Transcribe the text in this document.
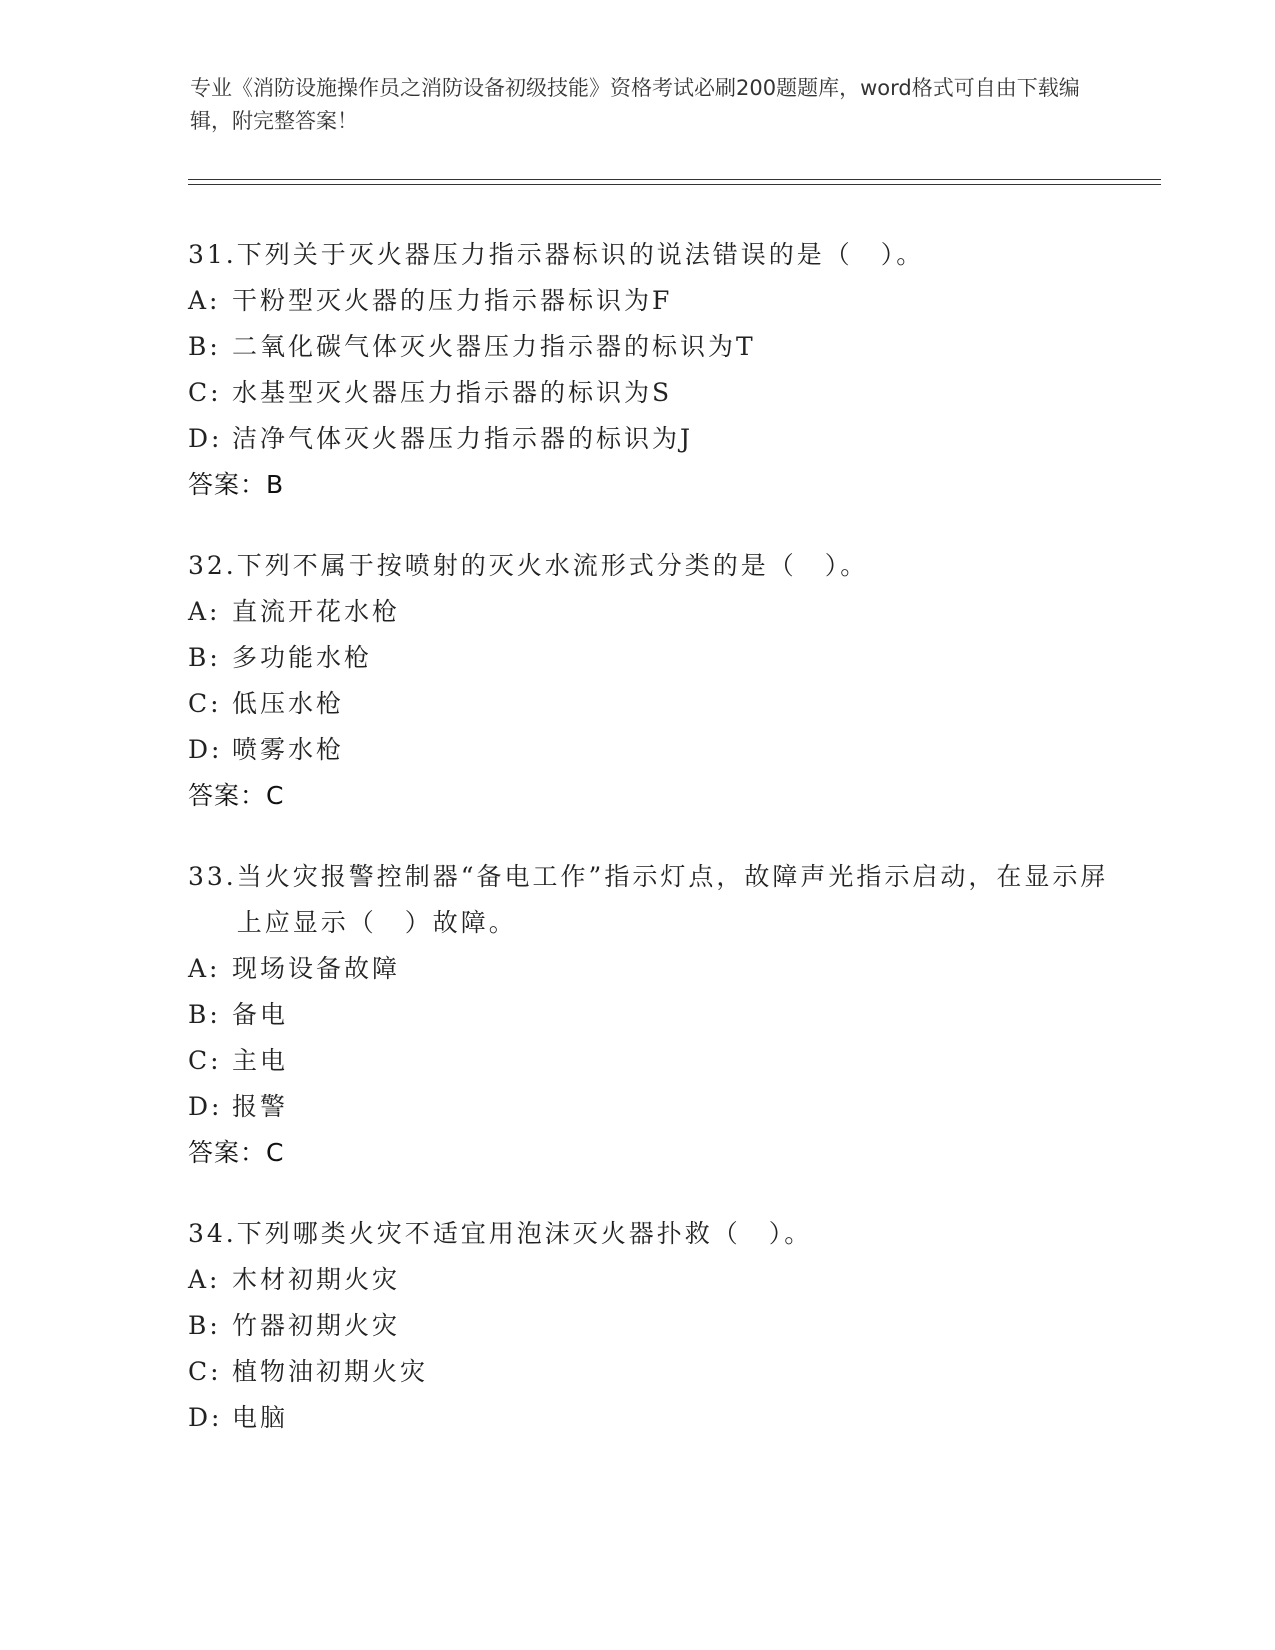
专业《消防设施操作员之消防设备初级技能》资格考试必刷200题题库，word格式可自由下载编辑，附完整答案！

31. 下列关于灭火器压力指示器标识的说法错误的是（　）。
A: 干粉型灭火器的压力指示器标识为F
B: 二氧化碳气体灭火器压力指示器的标识为T
C: 水基型灭火器压力指示器的标识为S
D: 洁净气体灭火器压力指示器的标识为J
答案：B
32. 下列不属于按喷射的灭火水流形式分类的是（　）。
A: 直流开花水枪
B: 多功能水枪
C: 低压水枪
D: 喷雾水枪
答案：C
33. 当火灾报警控制器“备电工作”指示灯点，故障声光指示启动，在显示屏上应显示（　）故障。
A: 现场设备故障
B: 备电
C: 主电
D: 报警
答案：C
34. 下列哪类火灾不适宜用泡沫灭火器扑救（　）。
A: 木材初期火灾
B: 竹器初期火灾
C: 植物油初期火灾
D: 电脑
